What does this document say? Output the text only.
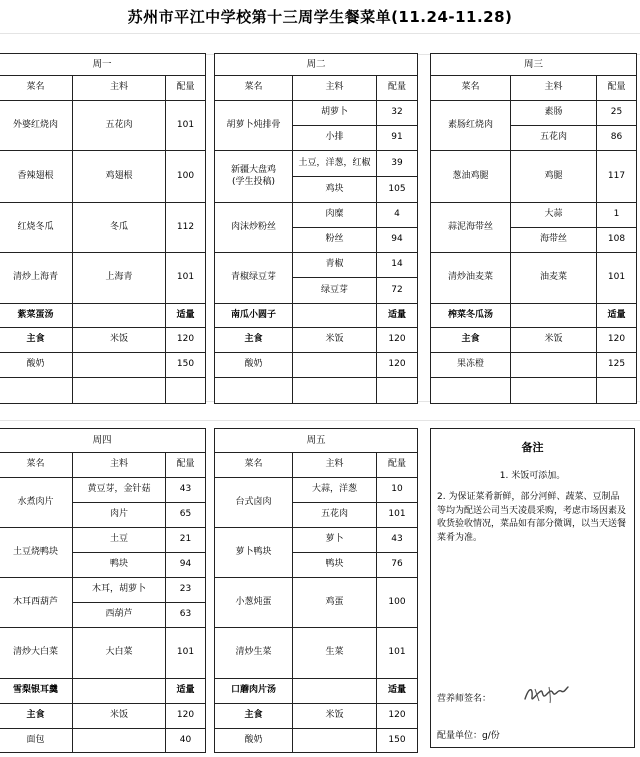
苏州市平江中学校第十三周学生餐菜单(11.24-11.28)
周一		
菜名	主料	配量
外婆红烧肉	五花肉	101
香辣翅根	鸡翅根	100
红烧冬瓜	冬瓜	112
清炒上海青	上海青	101
紫菜蛋汤		适量
主食	米饭	120
酸奶		150

周二		
菜名	主料	配量
胡萝卜炖排骨	胡萝卜	32
	小排	91
新疆大盘鸡
(学生投稿)	土豆，洋葱，红椒	39
	鸡块	105
肉沫炒粉丝	肉糜	4
	粉丝	94
青椒绿豆芽	青椒	14
	绿豆芽	72
南瓜小圆子		适量
主食	米饭	120
酸奶		120

周三		
菜名	主料	配量
素肠红烧肉	素肠	25
	五花肉	86
葱油鸡腿	鸡腿	117
蒜泥海带丝	大蒜	1
	海带丝	108
清炒油麦菜	油麦菜	101
榨菜冬瓜汤		适量
主食	米饭	120
果冻橙		125

周四		
菜名	主料	配量
水煮肉片	黄豆芽，金针菇	43
	肉片	65
土豆烧鸭块	土豆	21
	鸭块	94
木耳西葫芦	木耳，胡萝卜	23
	西葫芦	63
清炒大白菜	大白菜	101
雪梨银耳羹		适量
主食	米饭	120
面包		40
周五		
菜名	主料	配量
台式卤肉	大蒜，洋葱	10
	五花肉	101
萝卜鸭块	萝卜	43
	鸭块	76
小葱炖蛋	鸡蛋	100
清炒生菜	生菜	101
口蘑肉片汤		适量
主食	米饭	120
酸奶		150
备注
1. 米饭可添加。
2. 为保证菜肴新鲜，部分河鲜、蔬菜、豆制品等均为配送公司当天凌晨采购，考虑市场因素及收货验收情况，菜品如有部分微调，以当天送餐菜肴为准。
营养师签名：
配量单位：g/份
